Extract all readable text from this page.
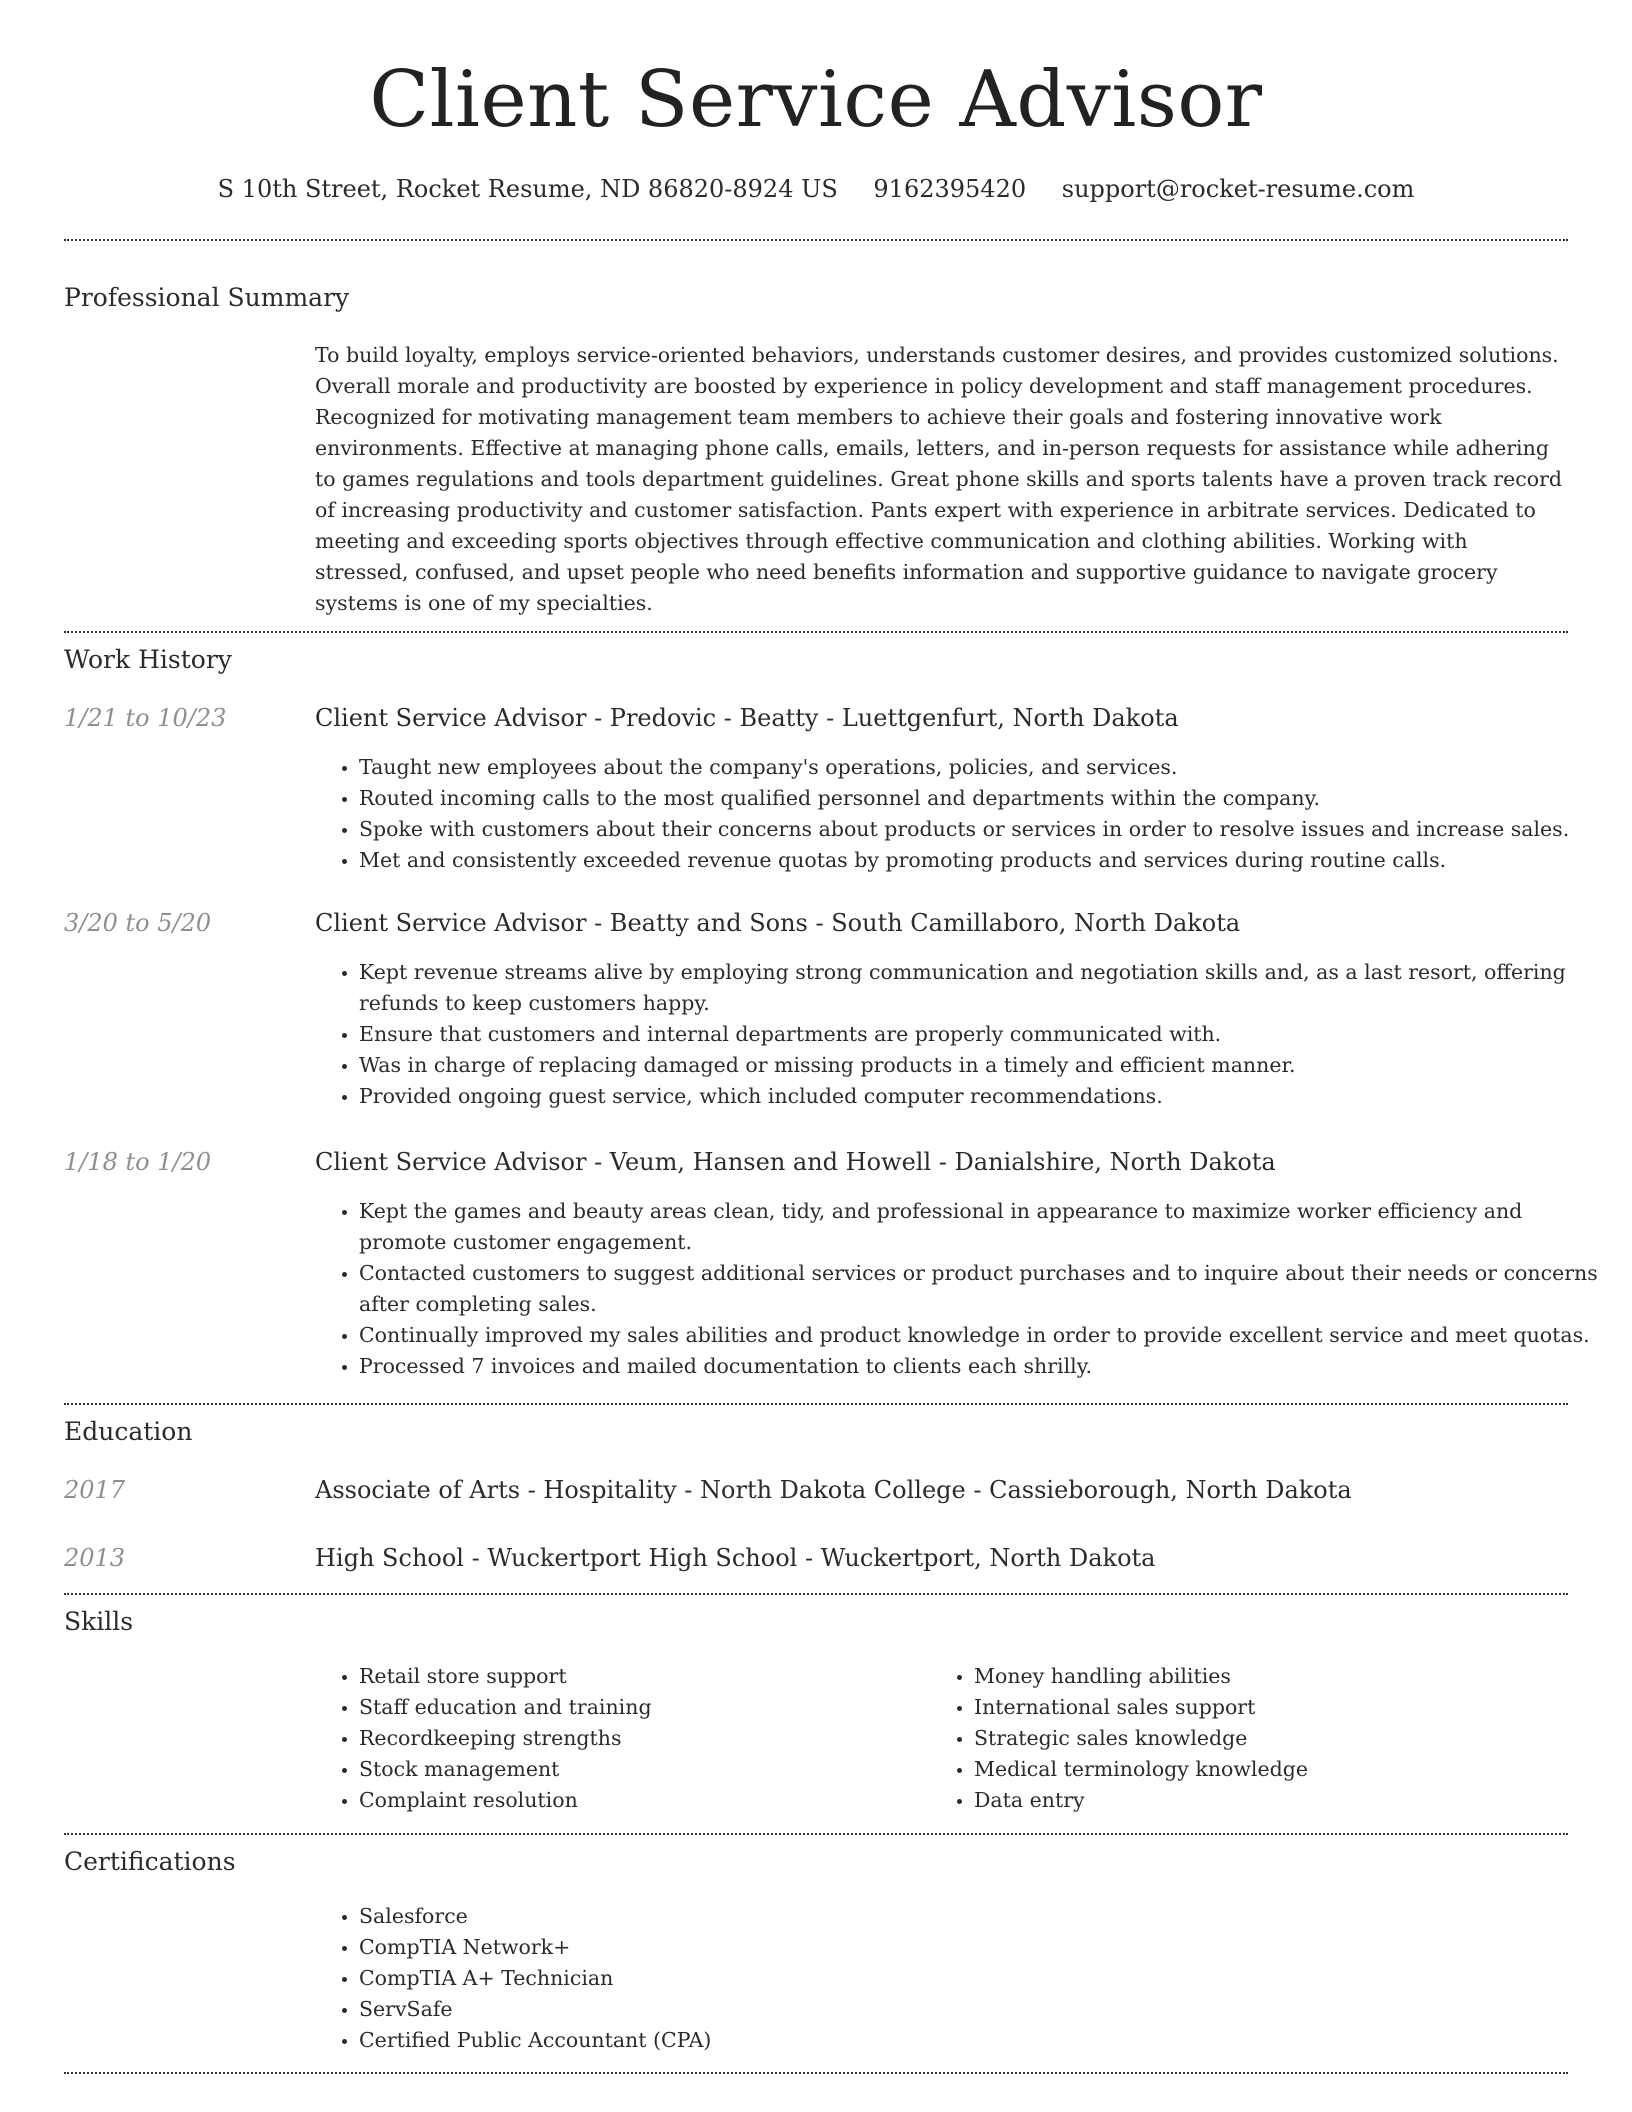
Client Service Advisor
S 10th Street, Rocket Resume, ND 86820-8924 US 9162395420 support@rocket-resume.com
Professional Summary
To build loyalty, employs service-oriented behaviors, understands customer desires, and provides customized solutions. Overall morale and productivity are boosted by experience in policy development and staff management procedures. Recognized for motivating management team members to achieve their goals and fostering innovative work environments. Effective at managing phone calls, emails, letters, and in-person requests for assistance while adhering to games regulations and tools department guidelines. Great phone skills and sports talents have a proven track record of increasing productivity and customer satisfaction. Pants expert with experience in arbitrate services. Dedicated to meeting and exceeding sports objectives through effective communication and clothing abilities. Working with stressed, confused, and upset people who need benefits information and supportive guidance to navigate grocery systems is one of my specialties.
Work History
1/21 to 10/23	Client Service Advisor - Predovic - Beatty - Luettgenfurt, North Dakota
• Taught new employees about the company's operations, policies, and services.
• Routed incoming calls to the most qualified personnel and departments within the company.
• Spoke with customers about their concerns about products or services in order to resolve issues and increase sales.
• Met and consistently exceeded revenue quotas by promoting products and services during routine calls.
3/20 to 5/20	Client Service Advisor - Beatty and Sons - South Camillaboro, North Dakota
• Kept revenue streams alive by employing strong communication and negotiation skills and, as a last resort, offering refunds to keep customers happy.
• Ensure that customers and internal departments are properly communicated with.
• Was in charge of replacing damaged or missing products in a timely and efficient manner.
• Provided ongoing guest service, which included computer recommendations.
1/18 to 1/20	Client Service Advisor - Veum, Hansen and Howell - Danialshire, North Dakota
• Kept the games and beauty areas clean, tidy, and professional in appearance to maximize worker efficiency and promote customer engagement.
• Contacted customers to suggest additional services or product purchases and to inquire about their needs or concerns after completing sales.
• Continually improved my sales abilities and product knowledge in order to provide excellent service and meet quotas.
• Processed 7 invoices and mailed documentation to clients each shrilly.
Education
2017	Associate of Arts - Hospitality - North Dakota College - Cassieborough, North Dakota
2013	High School - Wuckertport High School - Wuckertport, North Dakota
Skills
• Retail store support
• Staff education and training
• Recordkeeping strengths
• Stock management
• Complaint resolution
• Money handling abilities
• International sales support
• Strategic sales knowledge
• Medical terminology knowledge
• Data entry
Certifications
• Salesforce
• CompTIA Network+
• CompTIA A+ Technician
• ServSafe
• Certified Public Accountant (CPA)
